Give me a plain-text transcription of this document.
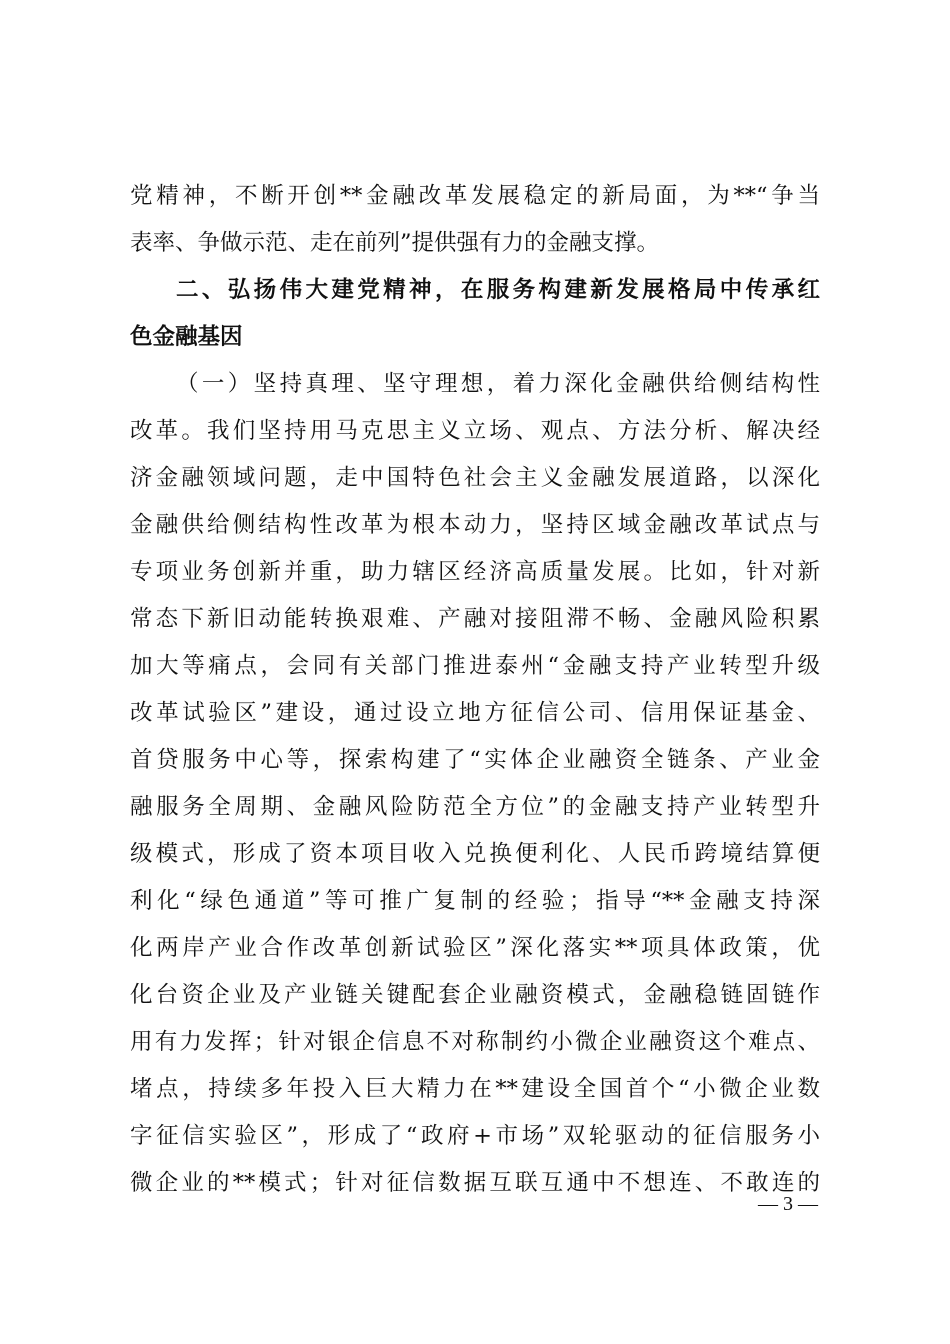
党精神，不断开创**金融改革发展稳定的新局面，为**“争当
表率、争做示范、走在前列”提供强有力的金融支撑。
二、弘扬伟大建党精神，在服务构建新发展格局中传承红
色金融基因
（一）坚持真理、坚守理想，着力深化金融供给侧结构性
改革。我们坚持用马克思主义立场、观点、方法分析、解决经
济金融领域问题，走中国特色社会主义金融发展道路，以深化
金融供给侧结构性改革为根本动力，坚持区域金融改革试点与
专项业务创新并重，助力辖区经济高质量发展。比如，针对新
常态下新旧动能转换艰难、产融对接阻滞不畅、金融风险积累
加大等痛点，会同有关部门推进泰州“金融支持产业转型升级
改革试验区”建设，通过设立地方征信公司、信用保证基金、
首贷服务中心等，探索构建了“实体企业融资全链条、产业金
融服务全周期、金融风险防范全方位”的金融支持产业转型升
级模式，形成了资本项目收入兑换便利化、人民币跨境结算便
利化“绿色通道”等可推广复制的经验；指导“**金融支持深
化两岸产业合作改革创新试验区”深化落实**项具体政策，优
化台资企业及产业链关键配套企业融资模式，金融稳链固链作
用有力发挥；针对银企信息不对称制约小微企业融资这个难点、
堵点，持续多年投入巨大精力在**建设全国首个“小微企业数
字征信实验区”，形成了“政府+市场”双轮驱动的征信服务小
微企业的**模式；针对征信数据互联互通中不想连、不敢连的
— 3 —
